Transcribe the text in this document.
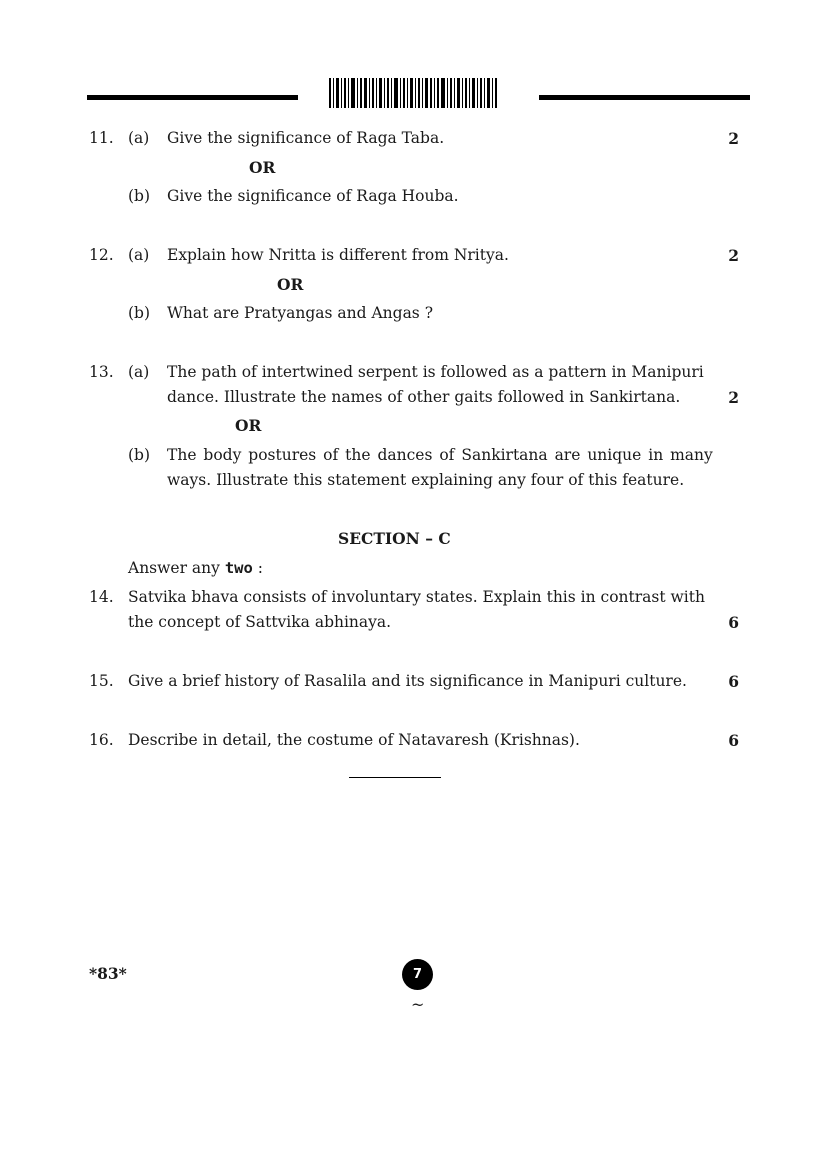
11. (a) Give the significance of Raga Taba.	2
OR
(b) Give the significance of Raga Houba.
12. (a) Explain how Nritta is different from Nritya.	2
OR
(b) What are Pratyangas and Angas ?
13. (a) The path of intertwined serpent is followed as a pattern in Manipuri
dance. Illustrate the names of other gaits followed in Sankirtana.	2
OR
(b) The body postures of the dances of Sankirtana are unique in many
ways. Illustrate this statement explaining any four of this feature.
SECTION – C
Answer any two :
14. Satvika bhava consists of involuntary states. Explain this in contrast with
the concept of Sattvika abhinaya.	6
15. Give a brief history of Rasalila and its significance in Manipuri culture.	6
16. Describe in detail, the costume of Natavaresh (Krishnas).	6
*83*	7
~
